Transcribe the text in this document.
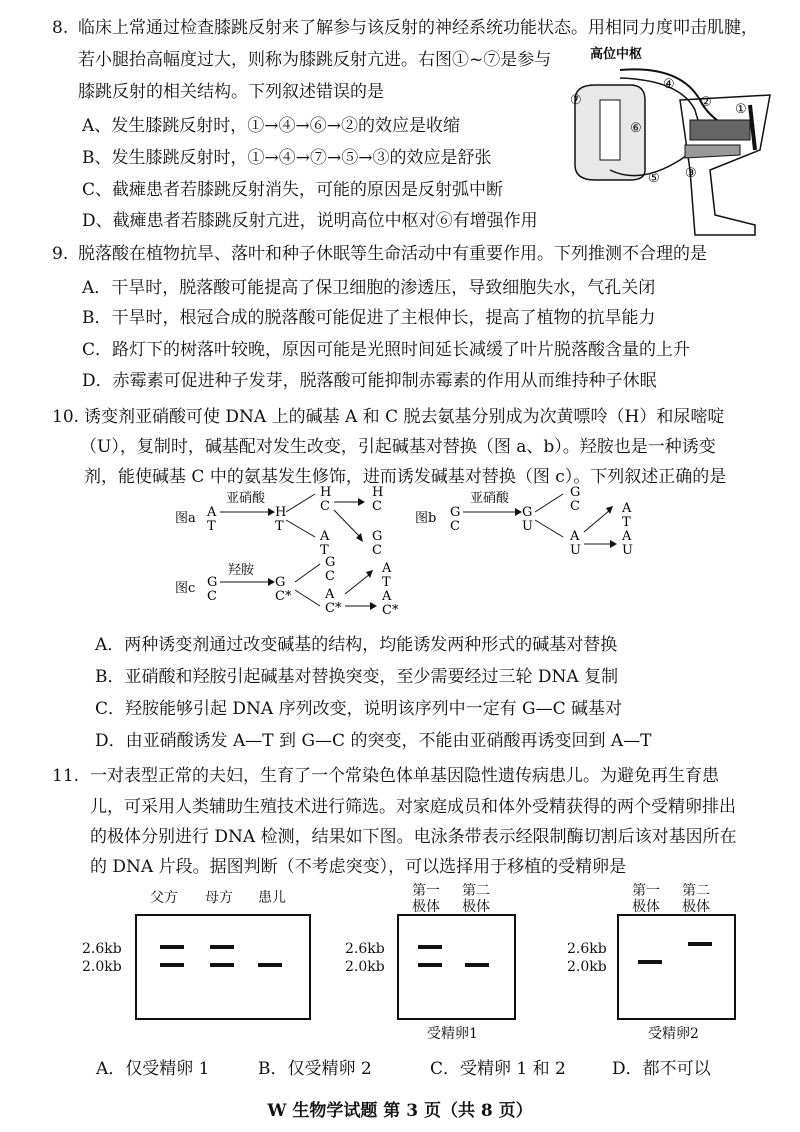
8. 临床上常通过检查膝跳反射来了解参与该反射的神经系统功能状态。用相同力度叩击肌腱，
若小腿抬高幅度过大，则称为膝跳反射亢进。右图①~⑦是参与
膝跳反射的相关结构。下列叙述错误的是
A、发生膝跳反射时，①→④→⑥→②的效应是收缩
B、发生膝跳反射时，①→④→⑦→⑤→③的效应是舒张
C、截瘫患者若膝跳反射消失，可能的原因是反射弧中断
D、截瘫患者若膝跳反射亢进，说明高位中枢对⑥有增强作用
高位中枢
④
② ①
⑦
⑥
③
⑤
9. 脱落酸在植物抗旱、落叶和种子休眠等生命活动中有重要作用。下列推测不合理的是
A．干旱时，脱落酸可能提高了保卫细胞的渗透压，导致细胞失水，气孔关闭
B．干旱时，根冠合成的脱落酸可能促进了主根伸长，提高了植物的抗旱能力
C．路灯下的树落叶较晚，原因可能是光照时间延长减缓了叶片脱落酸含量的上升
D．赤霉素可促进种子发芽，脱落酸可能抑制赤霉素的作用从而维持种子休眠
10. 诱变剂亚硝酸可使 DNA 上的碱基 A 和 C 脱去氨基分别成为次黄嘌呤（H）和尿嘧啶
（U），复制时，碱基配对发生改变，引起碱基对替换（图 a、b）。羟胺也是一种诱变
剂，能使碱基 C 中的氨基发生修饰，进而诱发碱基对替换（图 c）。下列叙述正确的是
图a A
T
亚硝酸
H
T
H
C
A
T
H
C
G
C
图b G
C
亚硝酸
G
U
G
C
A
U
A
T
A
U
图c G
C
羟胺
G
C*
G
C
A
C*
A
T
A
C*
A．两种诱变剂通过改变碱基的结构，均能诱发两种形式的碱基对替换
B．亚硝酸和羟胺引起碱基对替换突变，至少需要经过三轮 DNA 复制
C．羟胺能够引起 DNA 序列改变，说明该序列中一定有 G—C 碱基对
D．由亚硝酸诱发 A—T 到 G—C 的突变，不能由亚硝酸再诱变回到 A—T
11. 一对表型正常的夫妇，生育了一个常染色体单基因隐性遗传病患儿。为避免再生育患
儿，可采用人类辅助生殖技术进行筛选。对家庭成员和体外受精获得的两个受精卵排出
的极体分别进行 DNA 检测，结果如下图。电泳条带表示经限制酶切割后该对基因所在
的 DNA 片段。据图判断（不考虑突变），可以选择用于移植的受精卵是
父方 母方 患儿
2.6kb
2.0kb
第一
极体
第二
极体
2.6kb
2.0kb
受精卵1
第一
极体
第二
极体
2.6kb
2.0kb
受精卵2
A．仅受精卵 1	B．仅受精卵 2	C．受精卵 1 和 2	D．都不可以
W 生物学试题 第 3 页（共 8 页）
